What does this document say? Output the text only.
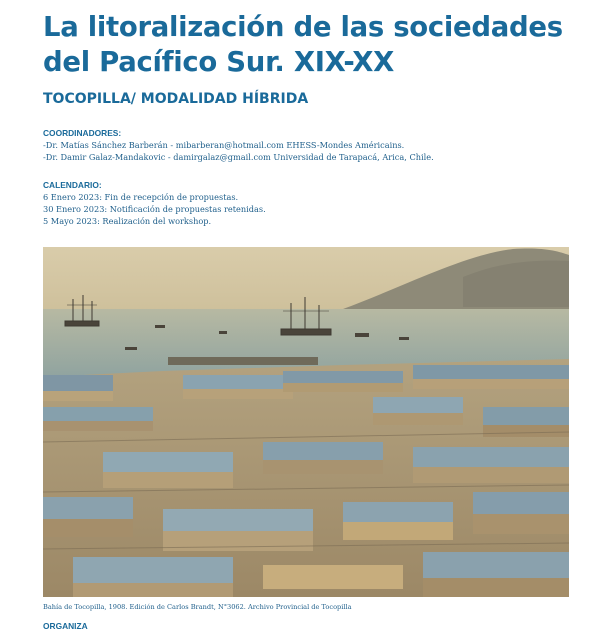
La litoralización de las sociedades del Pacífico Sur. XIX-XX
TOCOPILLA/ MODALIDAD HÍBRIDA
COORDINADORES:
-Dr. Matías Sánchez Barberán - mibarberan@hotmail.com EHESS-Mondes Américains.
-Dr. Damir Galaz-Mandakovic - damirgalaz@gmail.com Universidad de Tarapacá, Arica, Chile.
CALENDARIO:
6 Enero 2023: Fin de recepción de propuestas.
30 Enero 2023: Notificación de propuestas retenidas.
5 Mayo 2023: Realización del workshop.

Bahía de Tocopilla, 1908. Edición de Carlos Brandt, N°3062. Archivo Provincial de Tocopilla

ORGANIZA
